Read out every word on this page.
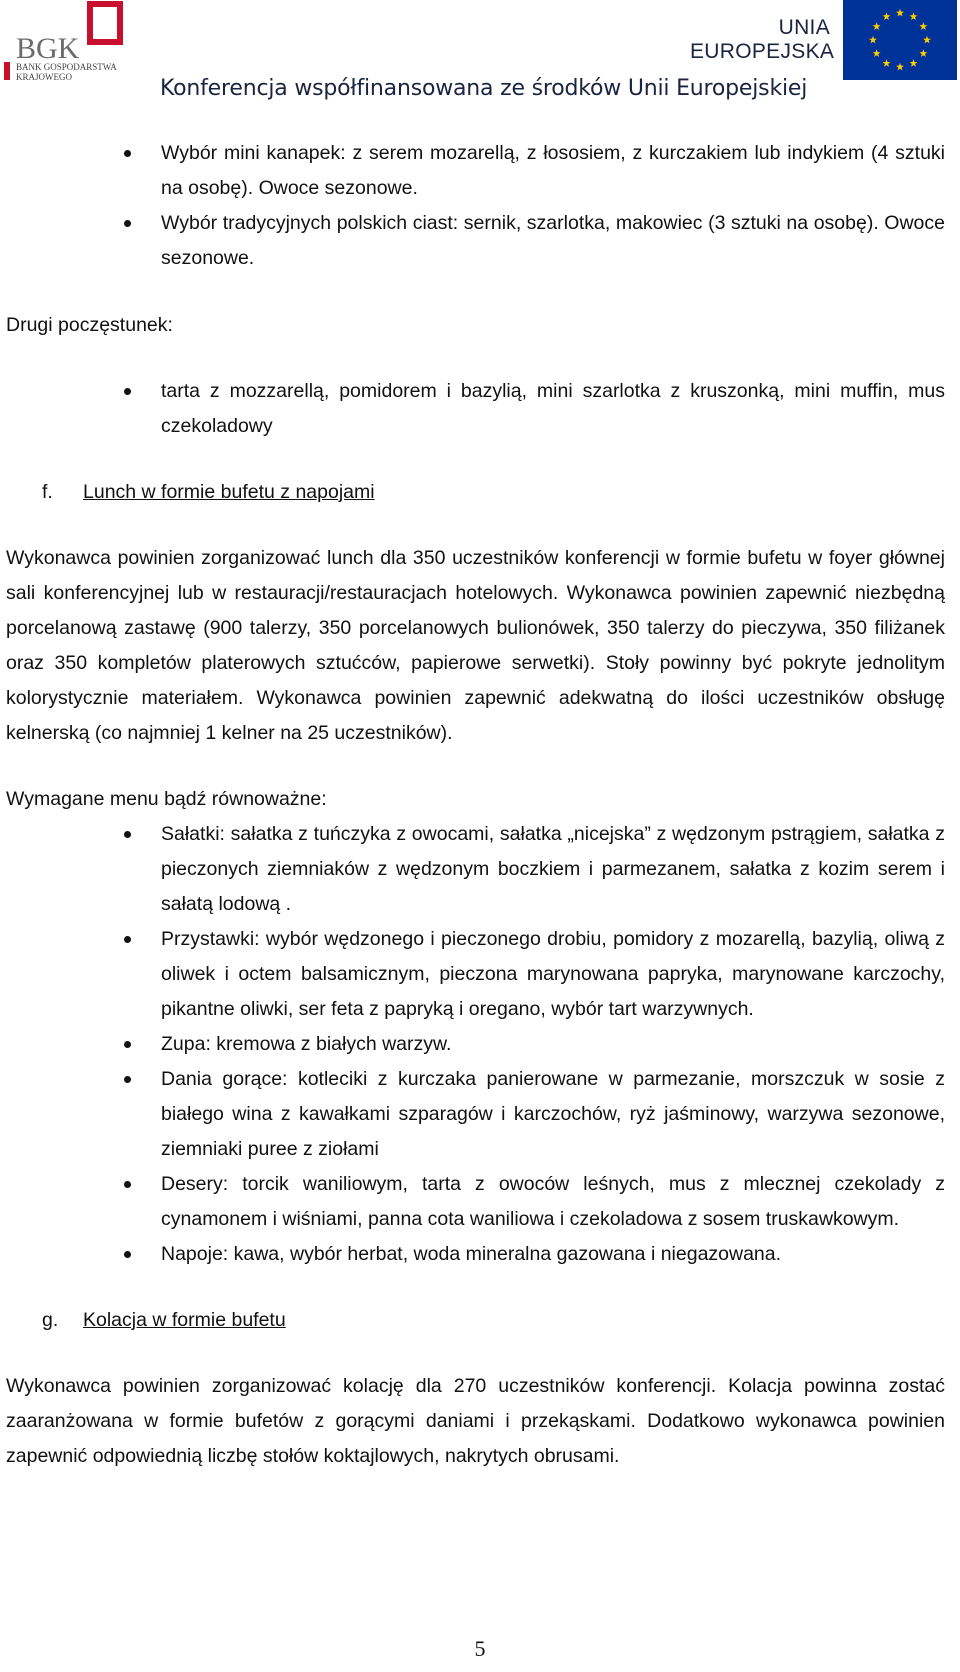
BGK
BANK GOSPODARSTWA
KRAJOWEGO
UNIA
EUROPEJSKA
Konferencja współfinansowana ze środków Unii Europejskiej
Wybór mini kanapek: z serem mozarellą, z łososiem, z kurczakiem lub indykiem (4 sztuki na osobę). Owoce sezonowe.
Wybór tradycyjnych polskich ciast: sernik, szarlotka, makowiec (3 sztuki na osobę). Owoce sezonowe.

Drugi poczęstunek:

tarta z mozzarellą, pomidorem i bazylią, mini szarlotka z kruszonką, mini muffin, mus czekoladowy

f. Lunch w formie bufetu z napojami

Wykonawca powinien zorganizować lunch dla 350 uczestników konferencji w formie bufetu w foyer głównej sali konferencyjnej lub w restauracji/restauracjach hotelowych. Wykonawca powinien zapewnić niezbędną porcelanową zastawę (900 talerzy, 350 porcelanowych bulionówek, 350 talerzy do pieczywa, 350 filiżanek oraz 350 kompletów platerowych sztućców, papierowe serwetki). Stoły powinny być pokryte jednolitym kolorystycznie materiałem. Wykonawca powinien zapewnić adekwatną do ilości uczestników obsługę kelnerską (co najmniej 1 kelner na 25 uczestników).

Wymagane menu bądź równoważne:

Sałatki: sałatka z tuńczyka z owocami, sałatka „nicejska” z wędzonym pstrągiem, sałatka z pieczonych ziemniaków z wędzonym boczkiem i parmezanem, sałatka z kozim serem i sałatą lodową .
Przystawki: wybór wędzonego i pieczonego drobiu, pomidory z mozarellą, bazylią, oliwą z oliwek i octem balsamicznym, pieczona marynowana papryka, marynowane karczochy, pikantne oliwki, ser feta z papryką i oregano, wybór tart warzywnych.
Zupa: kremowa z białych warzyw.
Dania gorące: kotleciki z kurczaka panierowane w parmezanie, morszczuk w sosie z białego wina z kawałkami szparagów i karczochów, ryż jaśminowy, warzywa sezonowe, ziemniaki puree z ziołami
Desery: torcik waniliowym, tarta z owoców leśnych, mus z mlecznej czekolady z cynamonem i wiśniami, panna cota waniliowa i czekoladowa z sosem truskawkowym.
Napoje: kawa, wybór herbat, woda mineralna gazowana i niegazowana.

g. Kolacja w formie bufetu

Wykonawca powinien zorganizować kolację dla 270 uczestników konferencji. Kolacja powinna zostać zaaranżowana w formie bufetów z gorącymi daniami i przekąskami. Dodatkowo wykonawca powinien zapewnić odpowiednią liczbę stołów koktajlowych, nakrytych obrusami.

5
